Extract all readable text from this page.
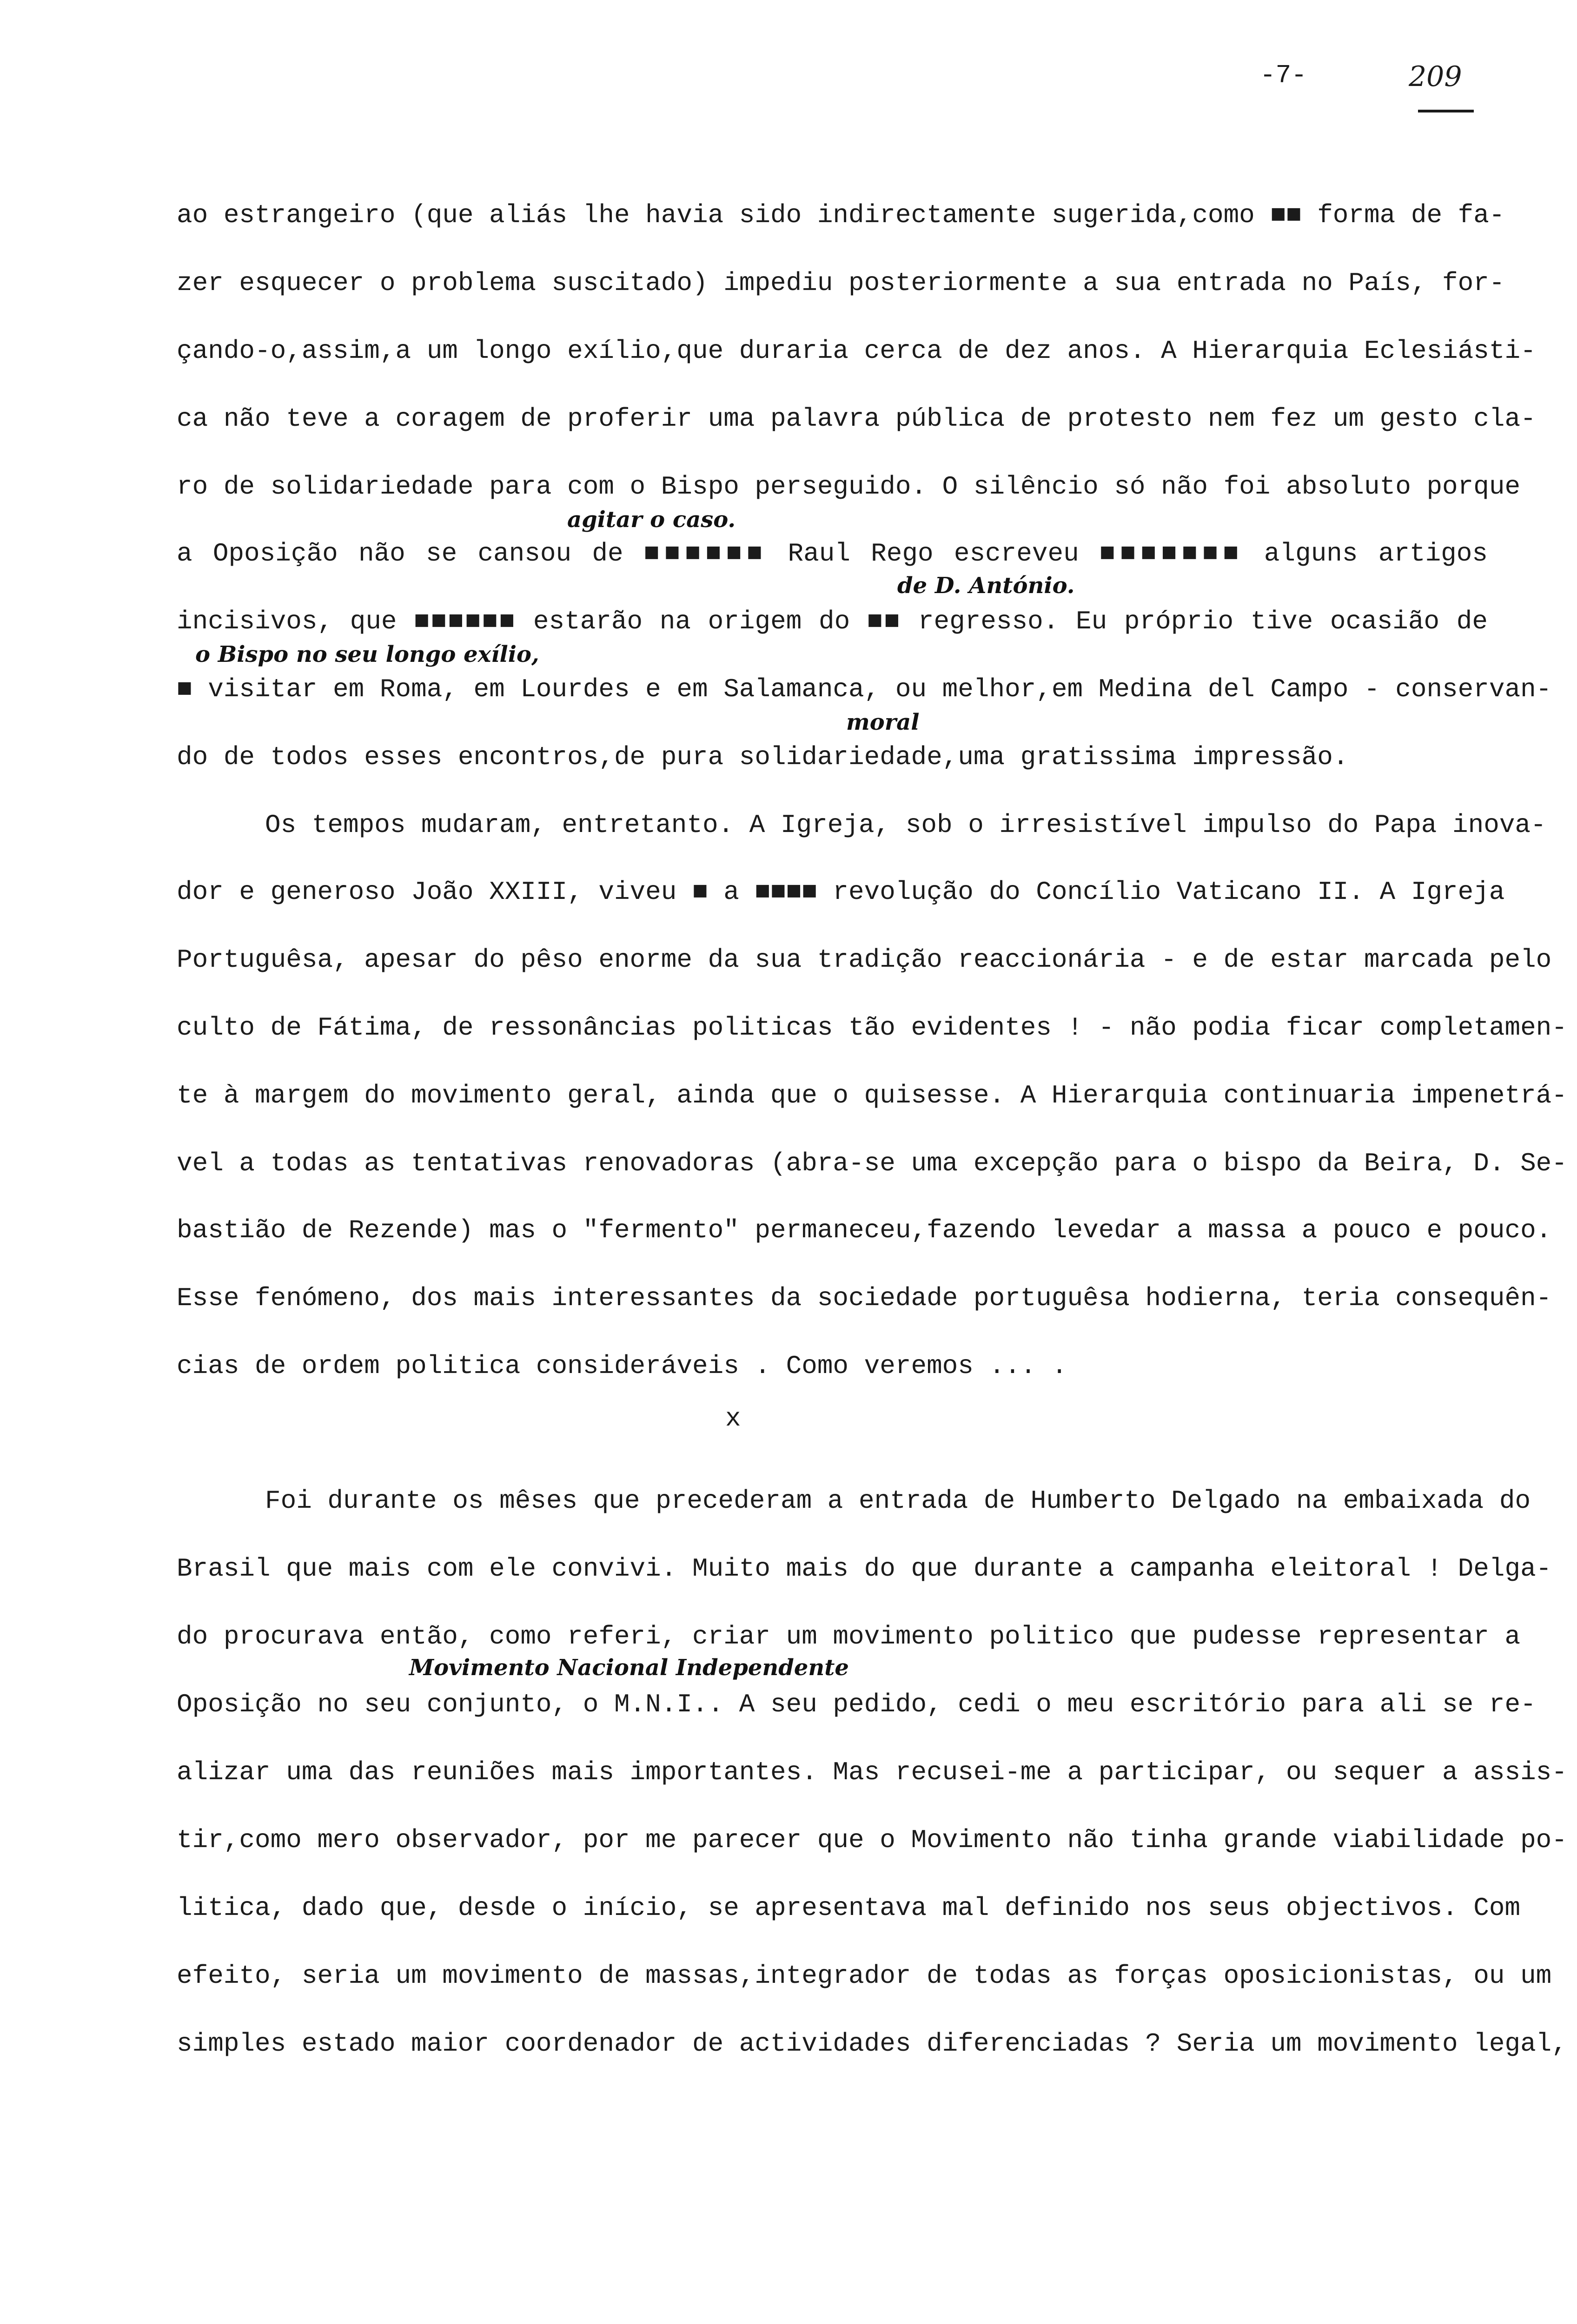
-7-	209
ao estrangeiro (que aliás lhe havia sido indirectamente sugerida,como ■■ forma de fa-
zer esquecer o problema suscitado) impediu posteriormente a sua entrada no País, for-
çando-o,assim,a um longo exílio,que duraria cerca de dez anos. A Hierarquia Eclesiásti-
ca não teve a coragem de proferir uma palavra pública de protesto nem fez um gesto cla-
ro de solidariedade para com o Bispo perseguido. O silêncio só não foi absoluto porque
a Oposição não se cansou de ■■■■■■ Raul Rego escreveu ■■■■■■■ alguns artigos
incisivos, que ■■■■■■ estarão na origem do ■■ regresso. Eu próprio tive ocasião de
■ visitar em Roma, em Lourdes e em Salamanca, ou melhor,em Medina del Campo - conservan-
do de todos esses encontros,de pura solidariedade,uma gratissima impressão.
Os tempos mudaram, entretanto. A Igreja, sob o irresistível impulso do Papa inova-
dor e generoso João XXIII, viveu ■ a ■■■■ revolução do Concílio Vaticano II. A Igreja
Portuguêsa, apesar do pêso enorme da sua tradição reaccionária - e de estar marcada pelo
culto de Fátima, de ressonâncias politicas tão evidentes ! - não podia ficar completamen-
te à margem do movimento geral, ainda que o quisesse. A Hierarquia continuaria impenetrá-
vel a todas as tentativas renovadoras (abra-se uma excepção para o bispo da Beira, D. Se-
bastião de Rezende) mas o "fermento" permaneceu,fazendo levedar a massa a pouco e pouco.
Esse fenómeno, dos mais interessantes da sociedade portuguêsa hodierna, teria consequên-
cias de ordem politica consideráveis . Como veremos ... .
Foi durante os mêses que precederam a entrada de Humberto Delgado na embaixada do
Brasil que mais com ele convivi. Muito mais do que durante a campanha eleitoral ! Delga-
do procurava então, como referi, criar um movimento politico que pudesse representar a
Oposição no seu conjunto, o M.N.I.. A seu pedido, cedi o meu escritório para ali se re-
alizar uma das reuniões mais importantes. Mas recusei-me a participar, ou sequer a assis-
tir,como mero observador, por me parecer que o Movimento não tinha grande viabilidade po-
litica, dado que, desde o início, se apresentava mal definido nos seus objectivos. Com
efeito, seria um movimento de massas,integrador de todas as forças oposicionistas, ou um
simples estado maior coordenador de actividades diferenciadas ? Seria um movimento legal,
x
agitar o caso.
de D. António.
o Bispo no seu longo exílio,
moral
Movimento Nacional Independente
